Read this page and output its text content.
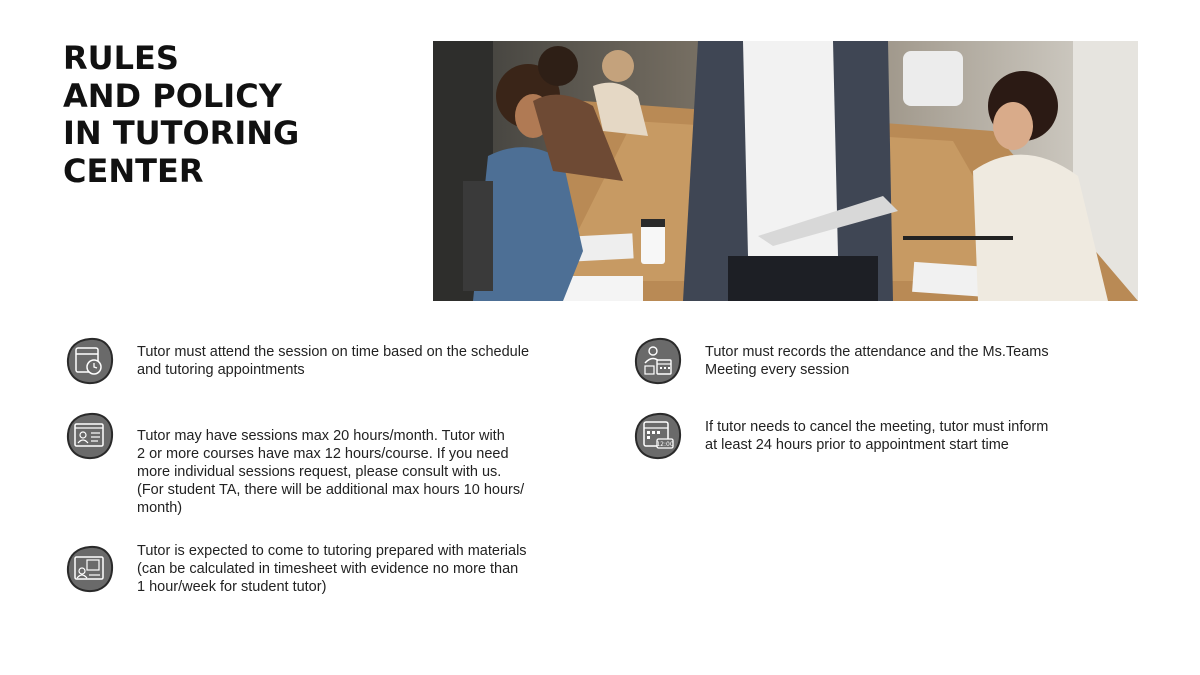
RULES
AND POLICY
IN TUTORING
CENTER
Tutor must attend the session on time based on the schedule
and tutoring appointments
Tutor may have sessions max 20 hours/month. Tutor with
2 or more courses have max 12 hours/course. If you need
more individual sessions request, please consult with us.
(For student TA, there will be additional max hours 10 hours/
month)
Tutor is expected to come to tutoring prepared with materials
(can be calculated in timesheet with evidence no more than
1 hour/week for student tutor)
Tutor must records the attendance and the Ms.Teams
Meeting every session
12:00
If tutor needs to cancel the meeting, tutor must inform
at least 24 hours prior to appointment start time
